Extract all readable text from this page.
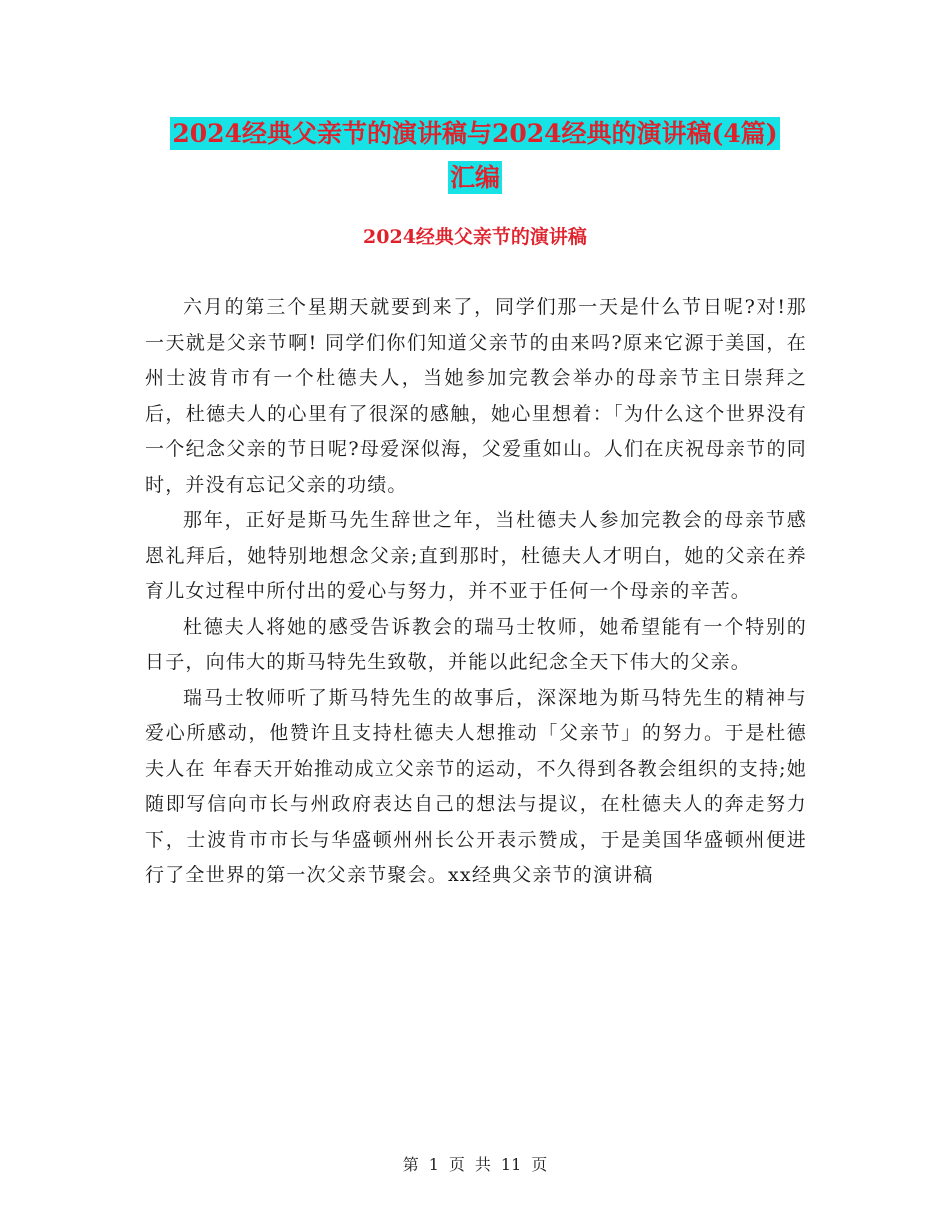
2024经典父亲节的演讲稿与2024经典的演讲稿(4篇)
汇编
2024经典父亲节的演讲稿

六月的第三个星期天就要到来了，同学们那一天是什么节日呢?对!那一天就是父亲节啊! 同学们你们知道父亲节的由来吗?原来它源于美国，在 州士波肯市有一个杜德夫人，当她参加完教会举办的母亲节主日崇拜之后，杜德夫人的心里有了很深的感触，她心里想着：「为什么这个世界没有一个纪念父亲的节日呢?母爱深似海，父爱重如山。人们在庆祝母亲节的同时，并没有忘记父亲的功绩。

那年，正好是斯马先生辞世之年，当杜德夫人参加完教会的母亲节感恩礼拜后，她特别地想念父亲;直到那时，杜德夫人才明白，她的父亲在养育儿女过程中所付出的爱心与努力，并不亚于任何一个母亲的辛苦。

杜德夫人将她的感受告诉教会的瑞马士牧师，她希望能有一个特别的日子，向伟大的斯马特先生致敬，并能以此纪念全天下伟大的父亲。

瑞马士牧师听了斯马特先生的故事后，深深地为斯马特先生的精神与爱心所感动，他赞许且支持杜德夫人想推动「父亲节」的努力。于是杜德夫人在 年春天开始推动成立父亲节的运动，不久得到各教会组织的支持;她随即写信向市长与州政府表达自己的想法与提议，在杜德夫人的奔走努力下，士波肯市市长与华盛顿州州长公开表示赞成，于是美国华盛顿州便进行了全世界的第一次父亲节聚会。xx经典父亲节的演讲稿

第 1 页 共 11 页
